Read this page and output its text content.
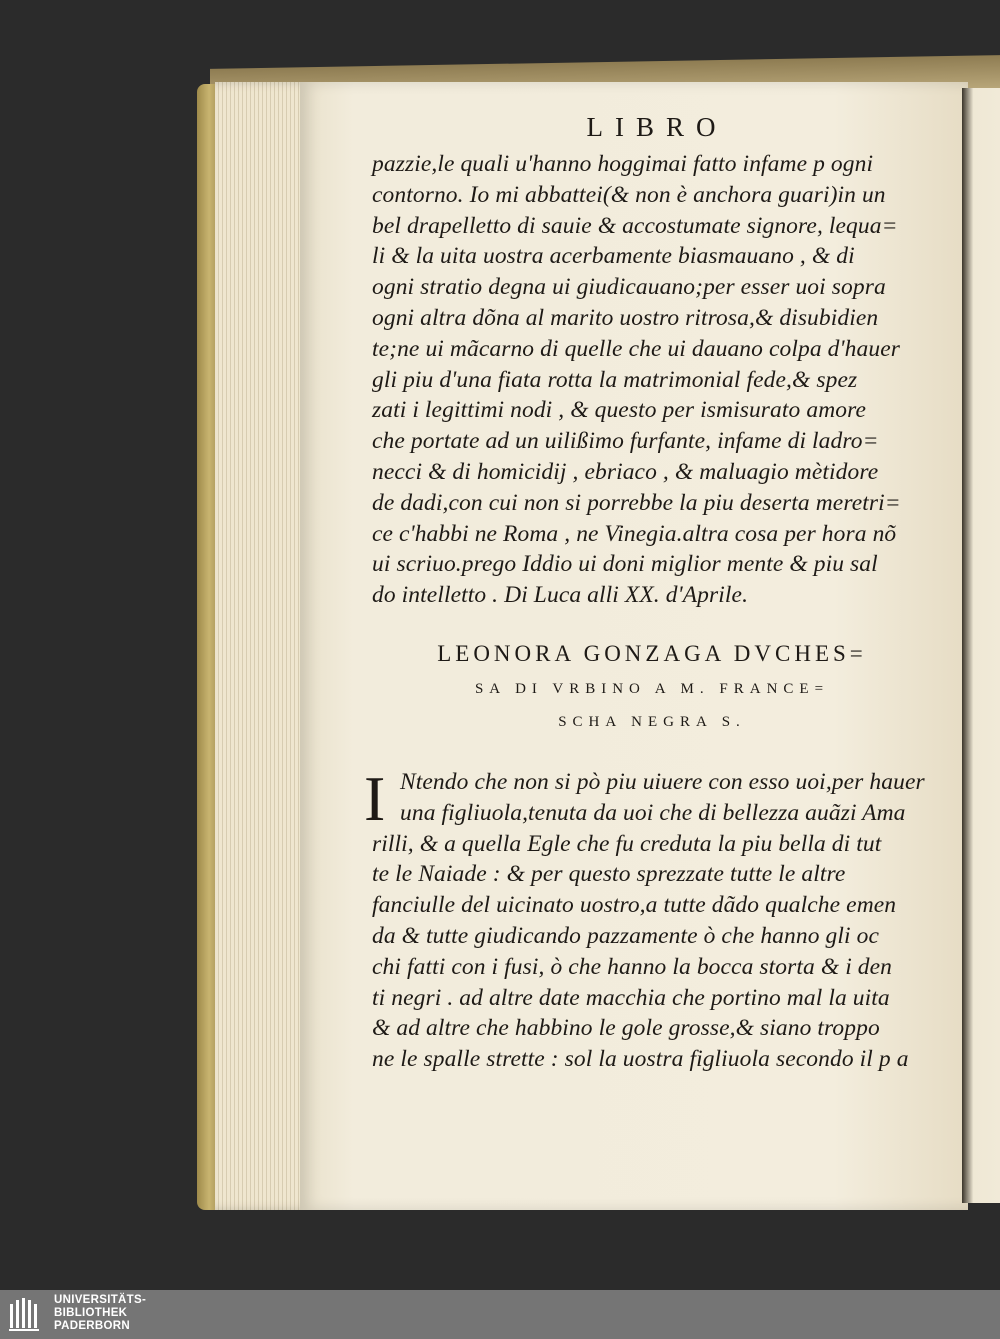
LIBRO
pazzie,le quali u'hanno hoggimai fatto infame p ogni
contorno. Io mi abbattei(& non è anchora guari)in un
bel drapelletto di sauie & accostumate signore, lequa=
li & la uita uostra acerbamente biasmauano , & di
ogni stratio degna ui giudicauano;per esser uoi sopra
ogni altra dõna al marito uostro ritrosa,& disubidien
te;ne ui mãcarno di quelle che ui dauano colpa d'hauer
gli piu d'una fiata rotta la matrimonial fede,& spez
zati i legittimi nodi , & questo per ismisurato amore
che portate ad un uilißimo furfante, infame di ladro=
necci & di homicidij , ebriaco , & maluagio mètidore
de dadi,con cui non si porrebbe la piu deserta meretri=
ce c'habbi ne Roma , ne Vinegia.altra cosa per hora nõ
ui scriuo.prego Iddio ui doni miglior mente & piu sal
do intelletto . Di Luca alli XX. d'Aprile.
LEONORA GONZAGA DVCHES=
SA DI VRBINO A M. FRANCE=
SCHA NEGRA S.
I Ntendo che non si pò piu uiuere con esso uoi,per hauer
una figliuola,tenuta da uoi che di bellezza auãzi Ama
rilli, & a quella Egle che fu creduta la piu bella di tut
te le Naiade : & per questo sprezzate tutte le altre
fanciulle del uicinato uostro,a tutte dãdo qualche emen
da & tutte giudicando pazzamente ò che hanno gli oc
chi fatti con i fusi, ò che hanno la bocca storta & i den
ti negri . ad altre date macchia che portino mal la uita
& ad altre che habbino le gole grosse,& siano troppo
ne le spalle strette : sol la uostra figliuola secondo il p a
UNIVERSITÄTS-
BIBLIOTHEK
PADERBORN
